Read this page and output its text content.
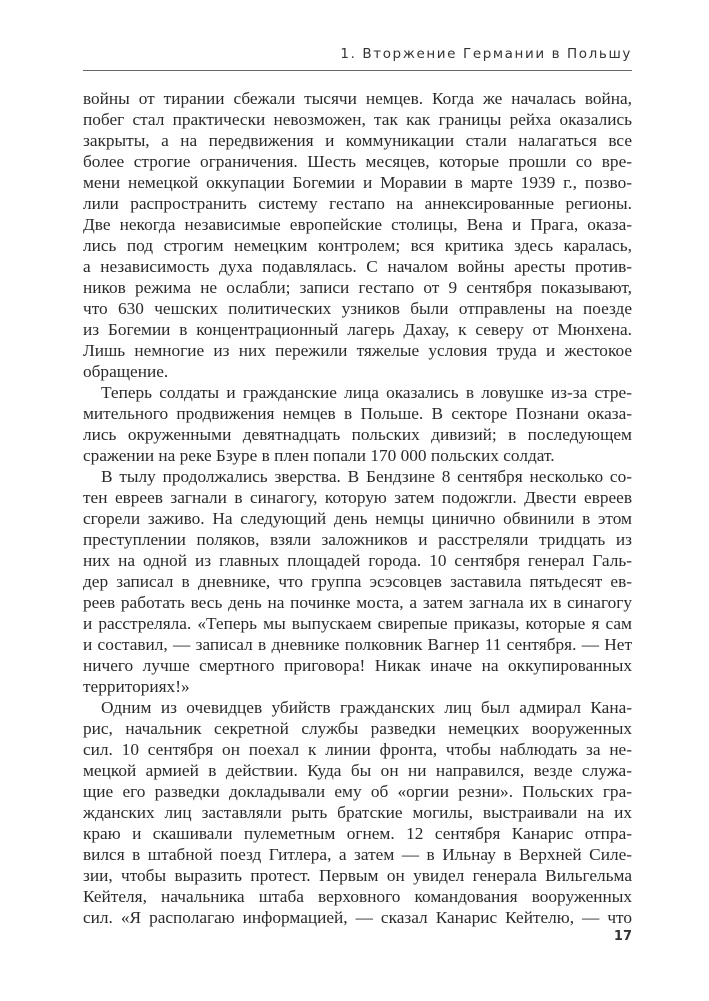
1. Вторжение Германии в Польшу
войны от тирании сбежали тысячи немцев. Когда же началась война,
побег стал практически невозможен, так как границы рейха оказались
закрыты, а на передвижения и коммуникации стали налагаться все
более строгие ограничения. Шесть месяцев, которые прошли со вре-
мени немецкой оккупации Богемии и Моравии в марте 1939 г., позво-
лили распространить систему гестапо на аннексированные регионы.
Две некогда независимые европейские столицы, Вена и Прага, оказа-
лись под строгим немецким контролем; вся критика здесь каралась,
а независимость духа подавлялась. С началом войны аресты против-
ников режима не ослабли; записи гестапо от 9 сентября показывают,
что 630 чешских политических узников были отправлены на поезде
из Богемии в концентрационный лагерь Дахау, к северу от Мюнхена.
Лишь немногие из них пережили тяжелые условия труда и жестокое
обращение.
Теперь солдаты и гражданские лица оказались в ловушке из-за стре-
мительного продвижения немцев в Польше. В секторе Познани оказа-
лись окруженными девятнадцать польских дивизий; в последующем
сражении на реке Бзуре в плен попали 170 000 польских солдат.
В тылу продолжались зверства. В Бендзине 8 сентября несколько со-
тен евреев загнали в синагогу, которую затем подожгли. Двести евреев
сгорели заживо. На следующий день немцы цинично обвинили в этом
преступлении поляков, взяли заложников и расстреляли тридцать из
них на одной из главных площадей города. 10 сентября генерал Галь-
дер записал в дневнике, что группа эсэсовцев заставила пятьдесят ев-
реев работать весь день на починке моста, а затем загнала их в синагогу
и расстреляла. «Теперь мы выпускаем свирепые приказы, которые я сам
и составил, — записал в дневнике полковник Вагнер 11 сентября. — Нет
ничего лучше смертного приговора! Никак иначе на оккупированных
территориях!»
Одним из очевидцев убийств гражданских лиц был адмирал Кана-
рис, начальник секретной службы разведки немецких вооруженных
сил. 10 сентября он поехал к линии фронта, чтобы наблюдать за не-
мецкой армией в действии. Куда бы он ни направился, везде служа-
щие его разведки докладывали ему об «оргии резни». Польских гра-
жданских лиц заставляли рыть братские могилы, выстраивали на их
краю и скашивали пулеметным огнем. 12 сентября Канарис отпра-
вился в штабной поезд Гитлера, а затем — в Ильнау в Верхней Силе-
зии, чтобы выразить протест. Первым он увидел генерала Вильгельма
Кейтеля, начальника штаба верховного командования вооруженных
сил. «Я располагаю информацией, — сказал Канарис Кейтелю, — что
17
